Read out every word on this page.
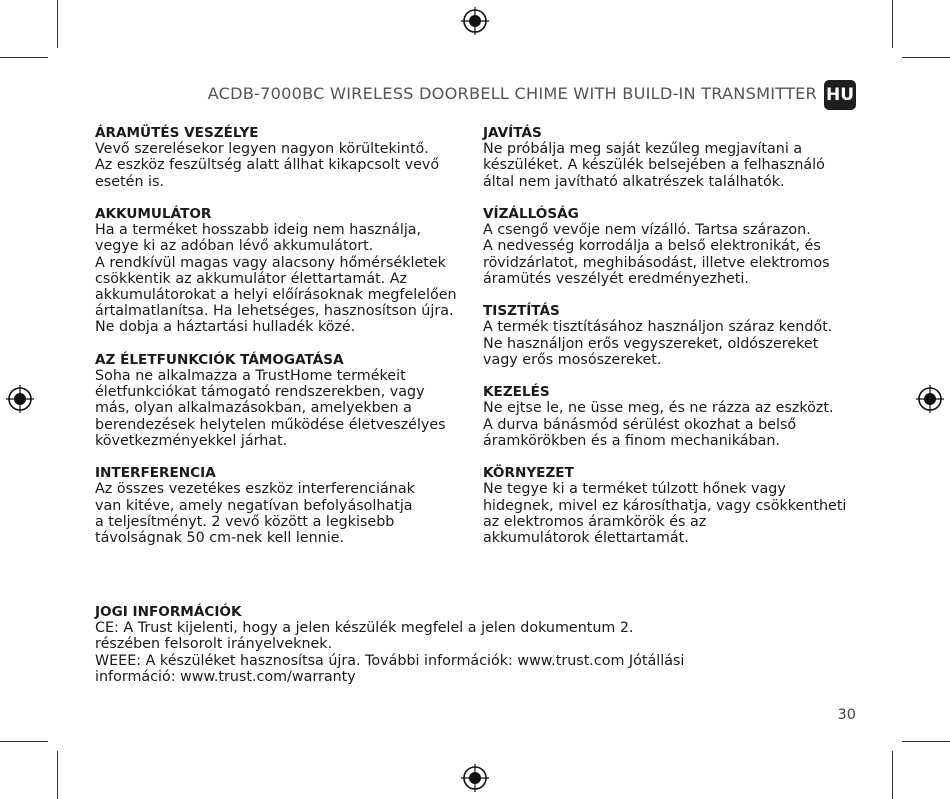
ACDB-7000BC WIRELESS DOORBELL CHIME WITH BUILD-IN TRANSMITTER HU
ÁRAMÜTÉS VESZÉLYE
Vevő szerelésekor legyen nagyon körültekintő.
Az eszköz feszültség alatt állhat kikapcsolt vevő
esetén is.
AKKUMULÁTOR
Ha a terméket hosszabb ideig nem használja,
vegye ki az adóban lévő akkumulátort.
A rendkívül magas vagy alacsony hőmérsékletek
csökkentik az akkumulátor élettartamát. Az
akkumulátorokat a helyi előírásoknak megfelelően
ártalmatlanítsa. Ha lehetséges, hasznosítson újra.
Ne dobja a háztartási hulladék közé.
AZ ÉLETFUNKCIÓK TÁMOGATÁSA
Soha ne alkalmazza a TrustHome termékeit
életfunkciókat támogató rendszerekben, vagy
más, olyan alkalmazásokban, amelyekben a
berendezések helytelen működése életveszélyes
következményekkel járhat.
INTERFERENCIA
Az összes vezetékes eszköz interferenciának
van kitéve, amely negatívan befolyásolhatja
a teljesítményt. 2 vevő között a legkisebb
távolságnak 50 cm-nek kell lennie.
JAVÍTÁS
Ne próbálja meg saját kezűleg megjavítani a
készüléket. A készülék belsejében a felhasználó
által nem javítható alkatrészek találhatók.
VÍZÁLLÓSÁG
A csengő vevője nem vízálló. Tartsa szárazon.
A nedvesség korrodálja a belső elektronikát, és
rövidzárlatot, meghibásodást, illetve elektromos
áramütés veszélyét eredményezheti.
TISZTÍTÁS
A termék tisztításához használjon száraz kendőt.
Ne használjon erős vegyszereket, oldószereket
vagy erős mosószereket.
KEZELÉS
Ne ejtse le, ne üsse meg, és ne rázza az eszközt.
A durva bánásmód sérülést okozhat a belső
áramkörökben és a finom mechanikában.
KÖRNYEZET
Ne tegye ki a terméket túlzott hőnek vagy
hidegnek, mivel ez károsíthatja, vagy csökkentheti
az elektromos áramkörök és az
akkumulátorok élettartamát.
JOGI INFORMÁCIÓK
CE: A Trust kijelenti, hogy a jelen készülék megfelel a jelen dokumentum 2.
részében felsorolt irányelveknek.
WEEE: A készüléket hasznosítsa újra. További információk: www.trust.com Jótállási
információ: www.trust.com/warranty
30
